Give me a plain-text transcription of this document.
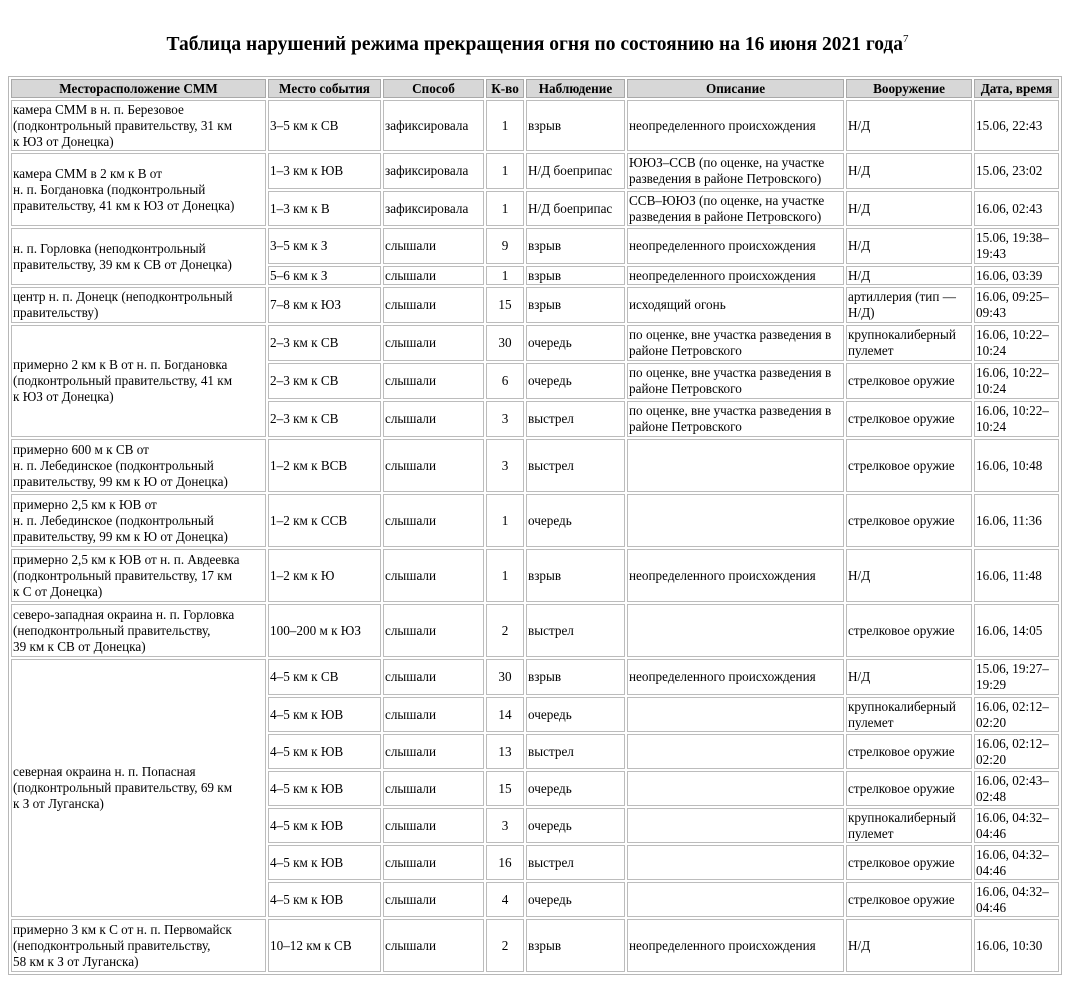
Таблица нарушений режима прекращения огня по состоянию на 16 июня 2021 года$^7$
Месторасположение СММ	Место события	Способ	К-во	Наблюдение	Описание	Вооружение	Дата, время

камера СММ в н. п. Березовое
(подконтрольный правительству, 31 км
к ЮЗ от Донецка)	3–5 км к СВ	зафиксировала	1	взрыв	неопределенного происхождения	Н/Д	15.06, 22:43

камера СММ в 2 км к В от
н. п. Богдановка (подконтрольный
правительству, 41 км к ЮЗ от Донецка)	1–3 км к ЮВ	зафиксировала	1	Н/Д боеприпас	ЮЮЗ–ССВ (по оценке, на участке разведения в районе Петровского)	Н/Д	15.06, 23:02
	1–3 км к В	зафиксировала	1	Н/Д боеприпас	ССВ–ЮЮЗ (по оценке, на участке разведения в районе Петровского)	Н/Д	16.06, 02:43

н. п. Горловка (неподконтрольный
правительству, 39 км к СВ от Донецка)	3–5 км к З	слышали	9	взрыв	неопределенного происхождения	Н/Д	15.06, 19:38–19:43
	5–6 км к З	слышали	1	взрыв	неопределенного происхождения	Н/Д	16.06, 03:39

центр н. п. Донецк (неподконтрольный
правительству)	7–8 км к ЮЗ	слышали	15	взрыв	исходящий огонь	артиллерия (тип — Н/Д)	16.06, 09:25–09:43

примерно 2 км к В от н. п. Богдановка
(подконтрольный правительству, 41 км
к ЮЗ от Донецка)	2–3 км к СВ	слышали	30	очередь	по оценке, вне участка разведения в районе Петровского	крупнокалиберный пулемет	16.06, 10:22–10:24
	2–3 км к СВ	слышали	6	очередь	по оценке, вне участка разведения в районе Петровского	стрелковое оружие	16.06, 10:22–10:24
	2–3 км к СВ	слышали	3	выстрел	по оценке, вне участка разведения в районе Петровского	стрелковое оружие	16.06, 10:22–10:24

примерно 600 м к СВ от
н. п. Лебединское (подконтрольный
правительству, 99 км к Ю от Донецка)	1–2 км к ВСВ	слышали	3	выстрел		стрелковое оружие	16.06, 10:48

примерно 2,5 км к ЮВ от
н. п. Лебединское (подконтрольный
правительству, 99 км к Ю от Донецка)	1–2 км к ССВ	слышали	1	очередь		стрелковое оружие	16.06, 11:36

примерно 2,5 км к ЮВ от н. п. Авдеевка
(подконтрольный правительству, 17 км
к С от Донецка)	1–2 км к Ю	слышали	1	взрыв	неопределенного происхождения	Н/Д	16.06, 11:48

северо-западная окраина н. п. Горловка
(неподконтрольный правительству,
39 км к СВ от Донецка)	100–200 м к ЮЗ	слышали	2	выстрел		стрелковое оружие	16.06, 14:05

северная окраина н. п. Попасная
(подконтрольный правительству, 69 км
к З от Луганска)	4–5 км к СВ	слышали	30	взрыв	неопределенного происхождения	Н/Д	15.06, 19:27–19:29
	4–5 км к ЮВ	слышали	14	очередь		крупнокалиберный пулемет	16.06, 02:12–02:20
	4–5 км к ЮВ	слышали	13	выстрел		стрелковое оружие	16.06, 02:12–02:20
	4–5 км к ЮВ	слышали	15	очередь		стрелковое оружие	16.06, 02:43–02:48
	4–5 км к ЮВ	слышали	3	очередь		крупнокалиберный пулемет	16.06, 04:32–04:46
	4–5 км к ЮВ	слышали	16	выстрел		стрелковое оружие	16.06, 04:32–04:46
	4–5 км к ЮВ	слышали	4	очередь		стрелковое оружие	16.06, 04:32–04:46

примерно 3 км к С от н. п. Первомайск
(неподконтрольный правительству,
58 км к З от Луганска)	10–12 км к СВ	слышали	2	взрыв	неопределенного происхождения	Н/Д	16.06, 10:30
